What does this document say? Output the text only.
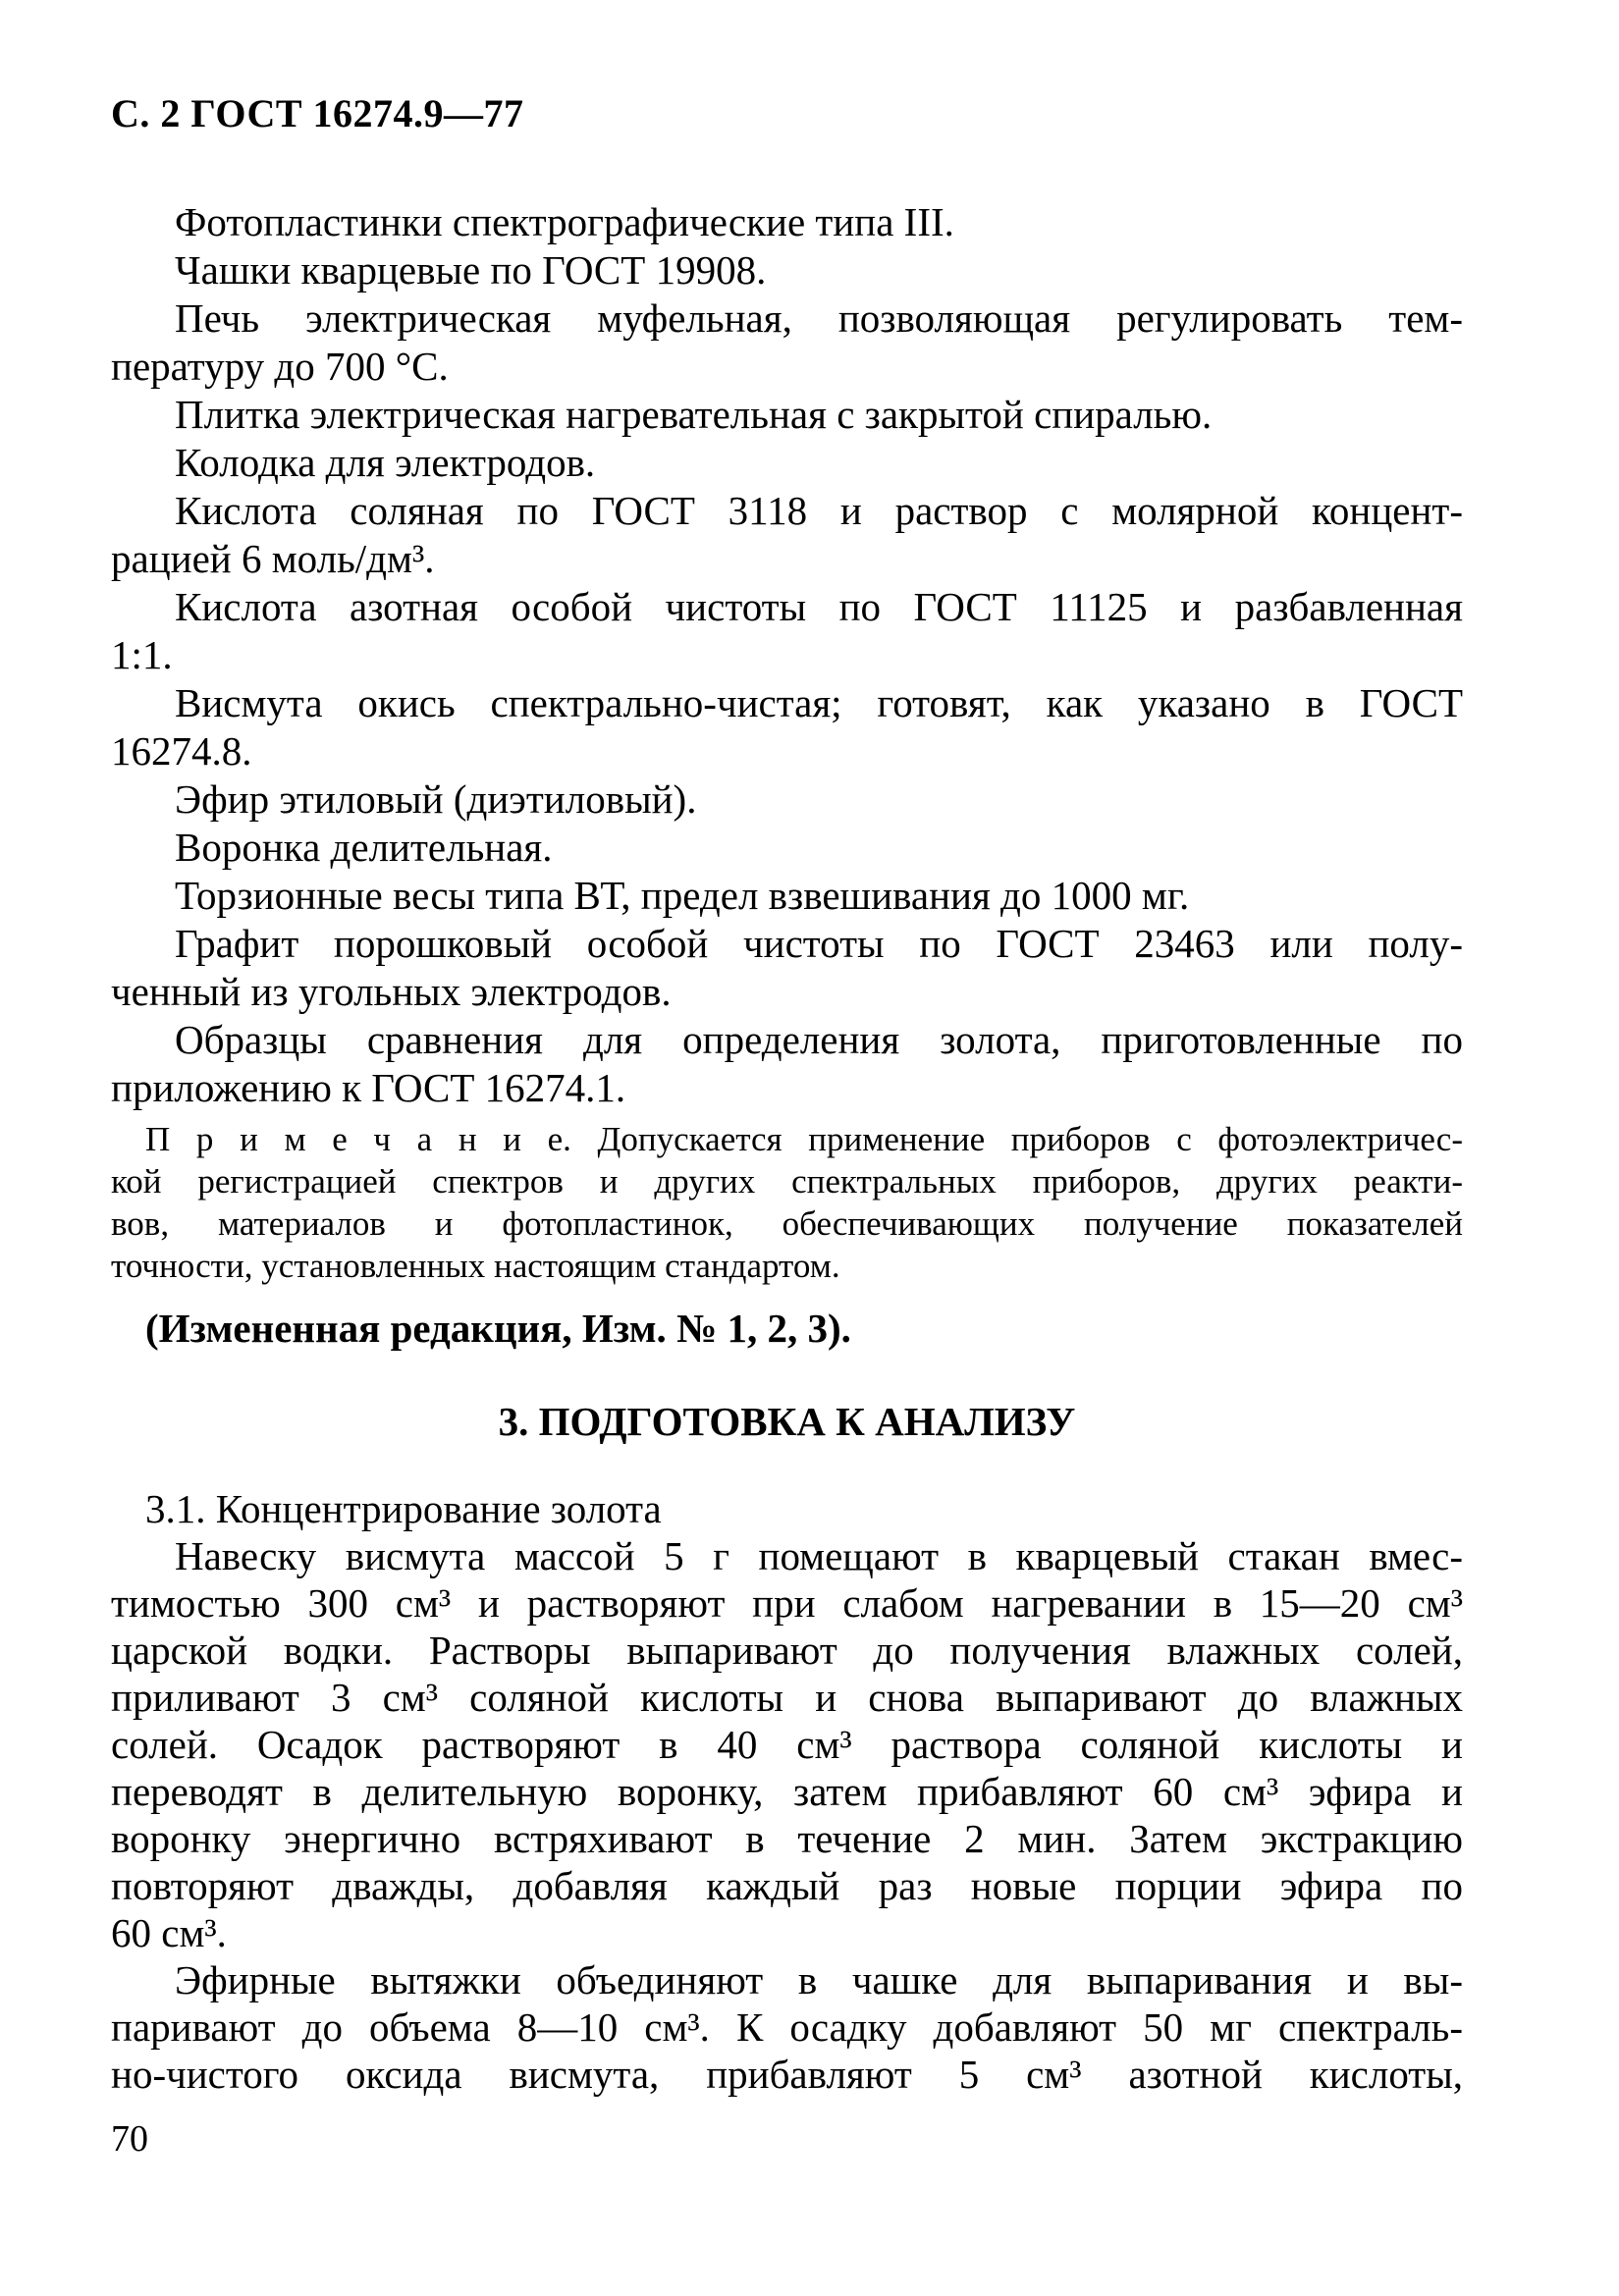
С. 2 ГОСТ 16274.9—77
Фотопластинки спектрографические типа III.
Чашки кварцевые по ГОСТ 19908.
Печь электрическая муфельная, позволяющая регулировать тем-
пературу до 700 °С.
Плитка электрическая нагревательная с закрытой спиралью.
Колодка для электродов.
Кислота соляная по ГОСТ 3118 и раствор с молярной концент-
рацией 6 моль/дм³.
Кислота азотная особой чистоты по ГОСТ 11125 и разбавленная
1:1.
Висмута окись спектрально-чистая; готовят, как указано в ГОСТ
16274.8.
Эфир этиловый (диэтиловый).
Воронка делительная.
Торзионные весы типа ВТ, предел взвешивания до 1000 мг.
Графит порошковый особой чистоты по ГОСТ 23463 или полу-
ченный из угольных электродов.
Образцы сравнения для определения золота, приготовленные по
приложению к ГОСТ 16274.1.
П р и м е ч а н и е. Допускается применение приборов с фотоэлектричес-
кой регистрацией спектров и других спектральных приборов, других реакти-
вов, материалов и фотопластинок, обеспечивающих получение показателей
точности, установленных настоящим стандартом.
(Измененная редакция, Изм. № 1, 2, 3).
3. ПОДГОТОВКА К АНАЛИЗУ
3.1. Концентрирование золота
Навеску висмута массой 5 г помещают в кварцевый стакан вмес-
тимостью 300 см³ и растворяют при слабом нагревании в 15—20 см³
царской водки. Растворы выпаривают до получения влажных солей,
приливают 3 см³ соляной кислоты и снова выпаривают до влажных
солей. Осадок растворяют в 40 см³ раствора соляной кислоты и
переводят в делительную воронку, затем прибавляют 60 см³ эфира и
воронку энергично встряхивают в течение 2 мин. Затем экстракцию
повторяют дважды, добавляя каждый раз новые порции эфира по
60 см³.
Эфирные вытяжки объединяют в чашке для выпаривания и вы-
паривают до объема 8—10 см³. К осадку добавляют 50 мг спектраль-
но-чистого оксида висмута, прибавляют 5 см³ азотной кислоты,
70
